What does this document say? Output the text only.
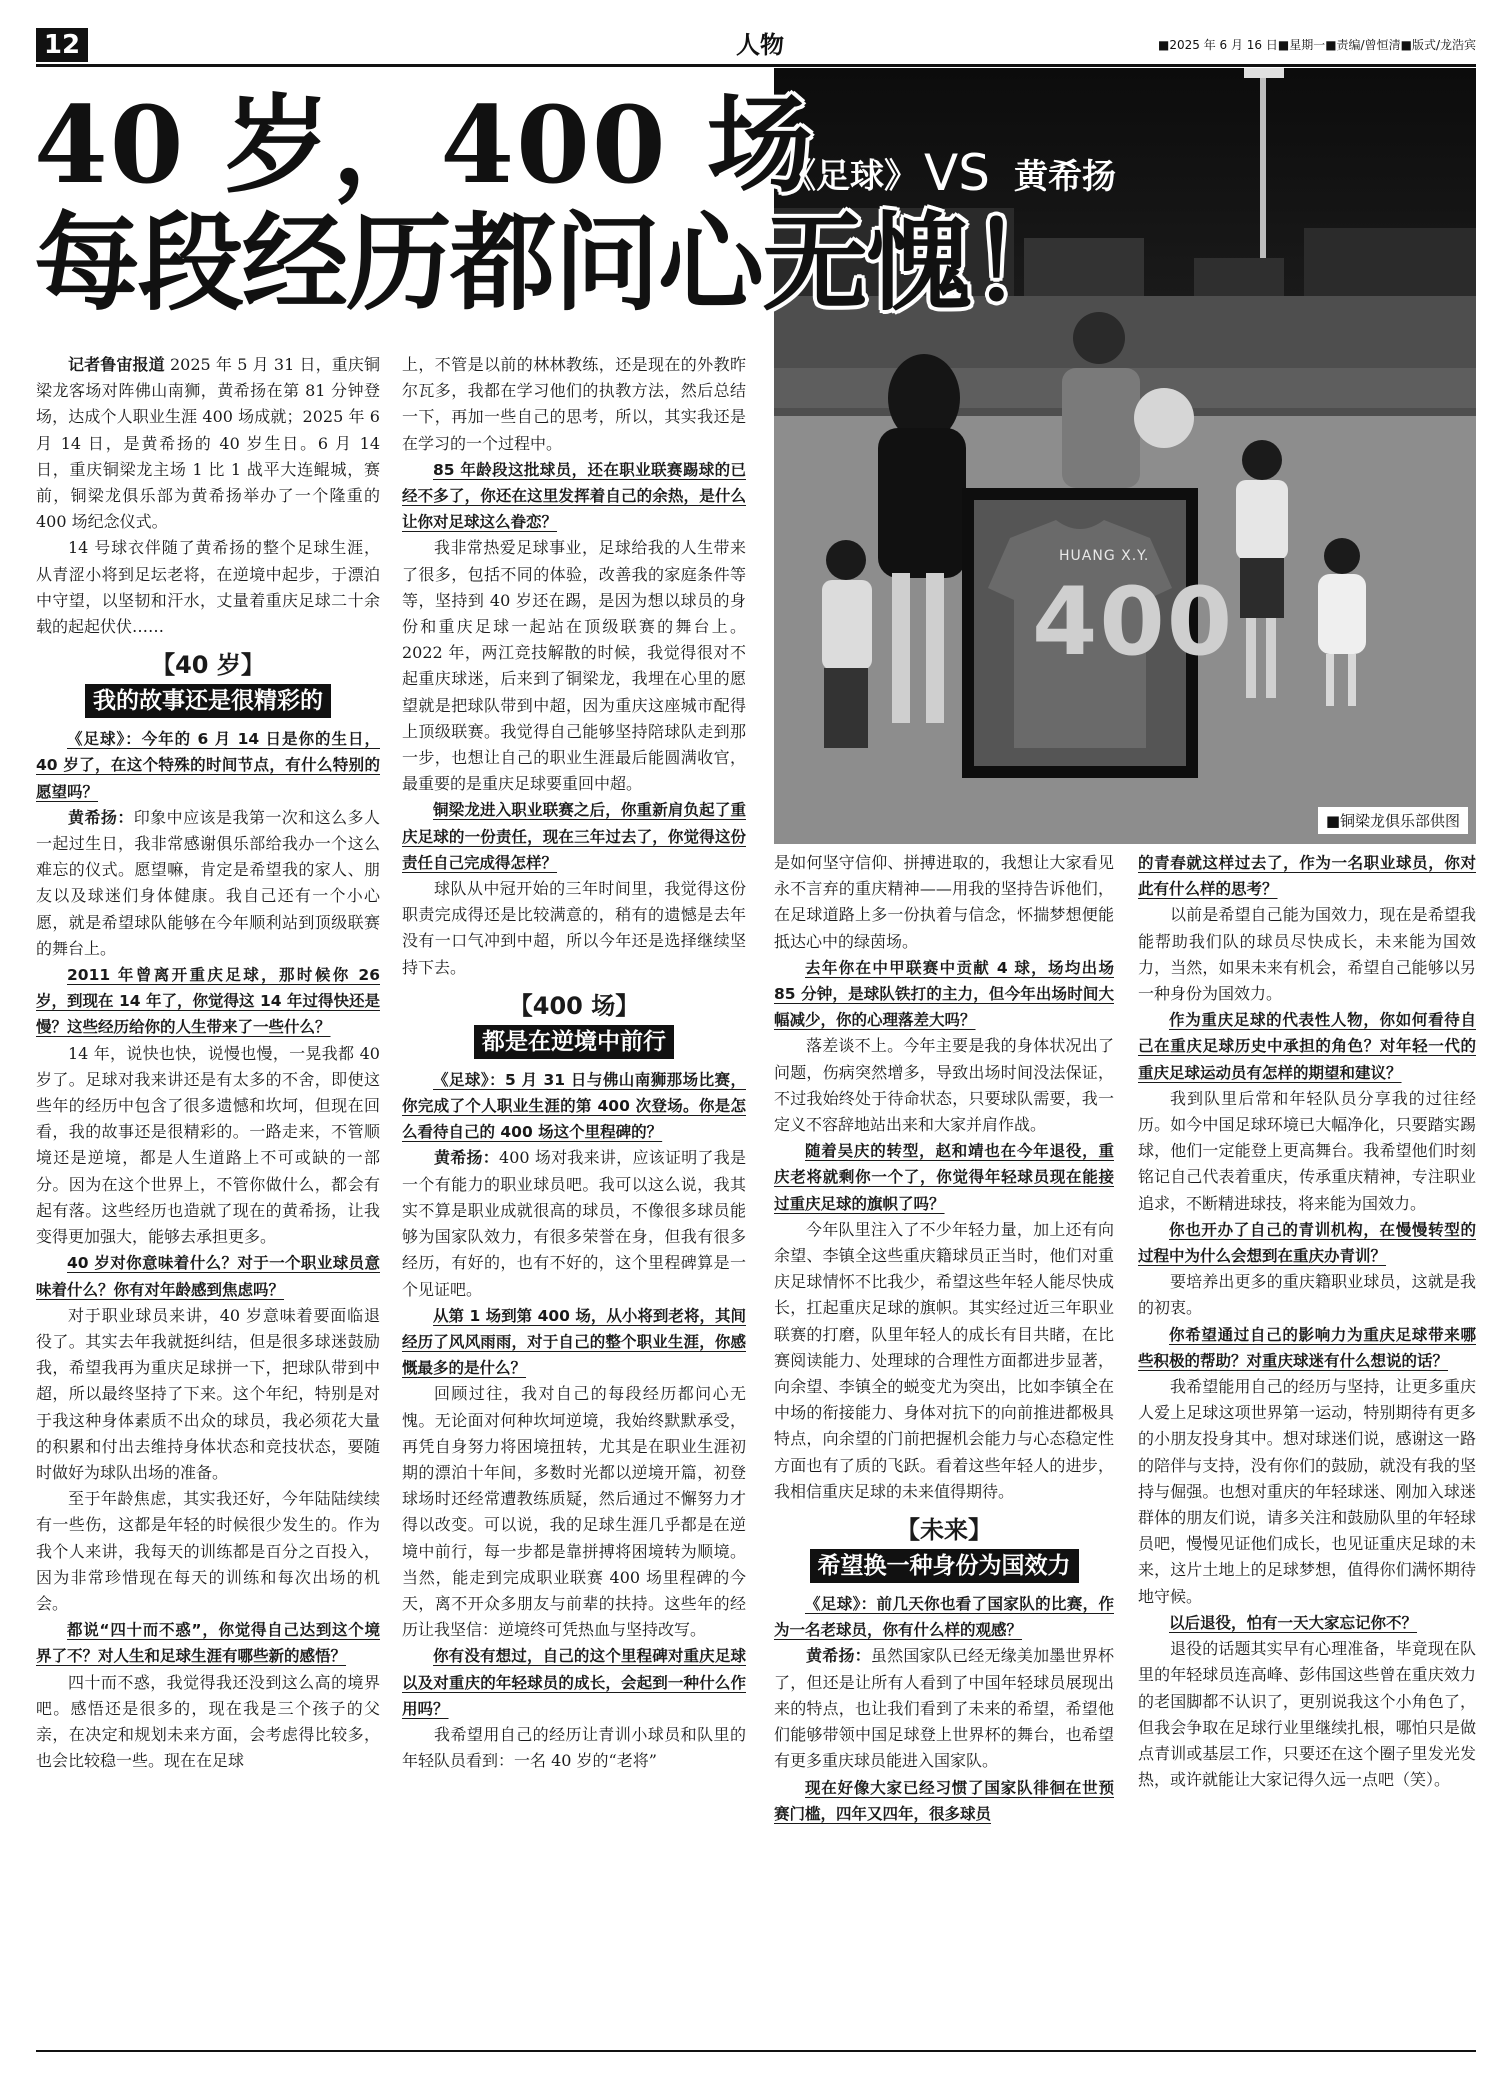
12	人物	■2025 年 6 月 16 日■星期一■责编/曾恒清■版式/龙浩宾
HUANG X.Y.
400
■铜梁龙俱乐部供图
40 岁，400 场
每段经历都问心无愧！
《足球》 VS 黄希扬

记者鲁宙报道 2025 年 5 月 31 日，重庆铜梁龙客场对阵佛山南狮，黄希扬在第 81 分钟登场，达成个人职业生涯 400 场成就；2025 年 6 月 14 日，是黄希扬的 40 岁生日。6 月 14 日，重庆铜梁龙主场 1 比 1 战平大连鲲城，赛前，铜梁龙俱乐部为黄希扬举办了一个隆重的 400 场纪念仪式。

14 号球衣伴随了黄希扬的整个足球生涯，从青涩小将到足坛老将，在逆境中起步，于漂泊中守望，以坚韧和汗水，丈量着重庆足球二十余载的起起伏伏……

【40 岁】
我的故事还是很精彩的

《足球》：今年的 6 月 14 日是你的生日，40 岁了，在这个特殊的时间节点，有什么特别的愿望吗？

黄希扬：印象中应该是我第一次和这么多人一起过生日，我非常感谢俱乐部给我办一个这么难忘的仪式。愿望嘛，肯定是希望我的家人、朋友以及球迷们身体健康。我自己还有一个小心愿，就是希望球队能够在今年顺利站到顶级联赛的舞台上。

2011 年曾离开重庆足球，那时候你 26 岁，到现在 14 年了，你觉得这 14 年过得快还是慢？这些经历给你的人生带来了一些什么？

14 年，说快也快，说慢也慢，一晃我都 40 岁了。足球对我来讲还是有太多的不舍，即使这些年的经历中包含了很多遗憾和坎坷，但现在回看，我的故事还是很精彩的。一路走来，不管顺境还是逆境，都是人生道路上不可或缺的一部分。因为在这个世界上，不管你做什么，都会有起有落。这些经历也造就了现在的黄希扬，让我变得更加强大，能够去承担更多。

40 岁对你意味着什么？对于一个职业球员意味着什么？你有对年龄感到焦虑吗？

对于职业球员来讲，40 岁意味着要面临退役了。其实去年我就挺纠结，但是很多球迷鼓励我，希望我再为重庆足球拼一下，把球队带到中超，所以最终坚持了下来。这个年纪，特别是对于我这种身体素质不出众的球员，我必须花大量的积累和付出去维持身体状态和竞技状态，要随时做好为球队出场的准备。

至于年龄焦虑，其实我还好，今年陆陆续续有一些伤，这都是年轻的时候很少发生的。作为我个人来讲，我每天的训练都是百分之百投入，因为非常珍惜现在每天的训练和每次出场的机会。

都说“四十而不惑”，你觉得自己达到这个境界了不？对人生和足球生涯有哪些新的感悟？

四十而不惑，我觉得我还没到这么高的境界吧。感悟还是很多的，现在我是三个孩子的父亲，在决定和规划未来方面，会考虑得比较多，也会比较稳一些。现在在足球

上，不管是以前的林林教练，还是现在的外教昨尔瓦多，我都在学习他们的执教方法，然后总结一下，再加一些自己的思考，所以，其实我还是在学习的一个过程中。

85 年龄段这批球员，还在职业联赛踢球的已经不多了，你还在这里发挥着自己的余热，是什么让你对足球这么眷恋？

我非常热爱足球事业，足球给我的人生带来了很多，包括不同的体验，改善我的家庭条件等等，坚持到 40 岁还在踢，是因为想以球员的身份和重庆足球一起站在顶级联赛的舞台上。2022 年，两江竞技解散的时候，我觉得很对不起重庆球迷，后来到了铜梁龙，我埋在心里的愿望就是把球队带到中超，因为重庆这座城市配得上顶级联赛。我觉得自己能够坚持陪球队走到那一步，也想让自己的职业生涯最后能圆满收官，最重要的是重庆足球要重回中超。

铜梁龙进入职业联赛之后，你重新肩负起了重庆足球的一份责任，现在三年过去了，你觉得这份责任自己完成得怎样？

球队从中冠开始的三年时间里，我觉得这份职责完成得还是比较满意的，稍有的遗憾是去年没有一口气冲到中超，所以今年还是选择继续坚持下去。

【400 场】
都是在逆境中前行

《足球》：5 月 31 日与佛山南狮那场比赛，你完成了个人职业生涯的第 400 次登场。你是怎么看待自己的 400 场这个里程碑的？

黄希扬：400 场对我来讲，应该证明了我是一个有能力的职业球员吧。我可以这么说，我其实不算是职业成就很高的球员，不像很多球员能够为国家队效力，有很多荣誉在身，但我有很多经历，有好的，也有不好的，这个里程碑算是一个见证吧。

从第 1 场到第 400 场，从小将到老将，其间经历了风风雨雨，对于自己的整个职业生涯，你感慨最多的是什么？

回顾过往，我对自己的每段经历都问心无愧。无论面对何种坎坷逆境，我始终默默承受，再凭自身努力将困境扭转，尤其是在职业生涯初期的漂泊十年间，多数时光都以逆境开篇，初登球场时还经常遭教练质疑，然后通过不懈努力才得以改变。可以说，我的足球生涯几乎都是在逆境中前行，每一步都是靠拼搏将困境转为顺境。当然，能走到完成职业联赛 400 场里程碑的今天，离不开众多朋友与前辈的扶持。这些年的经历让我坚信：逆境终可凭热血与坚持改写。

你有没有想过，自己的这个里程碑对重庆足球以及对重庆的年轻球员的成长，会起到一种什么作用吗？

我希望用自己的经历让青训小球员和队里的年轻队员看到：一名 40 岁的“老将”

是如何坚守信仰、拼搏进取的，我想让大家看见永不言弃的重庆精神——用我的坚持告诉他们，在足球道路上多一份执着与信念，怀揣梦想便能抵达心中的绿茵场。

去年你在中甲联赛中贡献 4 球，场均出场 85 分钟，是球队铁打的主力，但今年出场时间大幅减少，你的心理落差大吗？

落差谈不上。今年主要是我的身体状况出了问题，伤病突然增多，导致出场时间没法保证，不过我始终处于待命状态，只要球队需要，我一定义不容辞地站出来和大家并肩作战。

随着吴庆的转型，赵和靖也在今年退役，重庆老将就剩你一个了，你觉得年轻球员现在能接过重庆足球的旗帜了吗？

今年队里注入了不少年轻力量，加上还有向余望、李镇全这些重庆籍球员正当时，他们对重庆足球情怀不比我少，希望这些年轻人能尽快成长，扛起重庆足球的旗帜。其实经过近三年职业联赛的打磨，队里年轻人的成长有目共睹，在比赛阅读能力、处理球的合理性方面都进步显著，向余望、李镇全的蜕变尤为突出，比如李镇全在中场的衔接能力、身体对抗下的向前推进都极具特点，向余望的门前把握机会能力与心态稳定性方面也有了质的飞跃。看着这些年轻人的进步，我相信重庆足球的未来值得期待。

【未来】
希望换一种身份为国效力

《足球》：前几天你也看了国家队的比赛，作为一名老球员，你有什么样的观感？

黄希扬：虽然国家队已经无缘美加墨世界杯了，但还是让所有人看到了中国年轻球员展现出来的特点，也让我们看到了未来的希望，希望他们能够带领中国足球登上世界杯的舞台，也希望有更多重庆球员能进入国家队。

现在好像大家已经习惯了国家队徘徊在世预赛门槛，四年又四年，很多球员

的青春就这样过去了，作为一名职业球员，你对此有什么样的思考？

以前是希望自己能为国效力，现在是希望我能帮助我们队的球员尽快成长，未来能为国效力，当然，如果未来有机会，希望自己能够以另一种身份为国效力。

作为重庆足球的代表性人物，你如何看待自己在重庆足球历史中承担的角色？对年轻一代的重庆足球运动员有怎样的期望和建议？

我到队里后常和年轻队员分享我的过往经历。如今中国足球环境已大幅净化，只要踏实踢球，他们一定能登上更高舞台。我希望他们时刻铭记自己代表着重庆，传承重庆精神，专注职业追求，不断精进球技，将来能为国效力。

你也开办了自己的青训机构，在慢慢转型的过程中为什么会想到在重庆办青训？

要培养出更多的重庆籍职业球员，这就是我的初衷。

你希望通过自己的影响力为重庆足球带来哪些积极的帮助？对重庆球迷有什么想说的话？

我希望能用自己的经历与坚持，让更多重庆人爱上足球这项世界第一运动，特别期待有更多的小朋友投身其中。想对球迷们说，感谢这一路的陪伴与支持，没有你们的鼓励，就没有我的坚持与倔强。也想对重庆的年轻球迷、刚加入球迷群体的朋友们说，请多关注和鼓励队里的年轻球员吧，慢慢见证他们成长，也见证重庆足球的未来，这片土地上的足球梦想，值得你们满怀期待地守候。

以后退役，怕有一天大家忘记你不？

退役的话题其实早有心理准备，毕竟现在队里的年轻球员连高峰、彭伟国这些曾在重庆效力的老国脚都不认识了，更别说我这个小角色了，但我会争取在足球行业里继续扎根，哪怕只是做点青训或基层工作，只要还在这个圈子里发光发热，或许就能让大家记得久远一点吧（笑）。
